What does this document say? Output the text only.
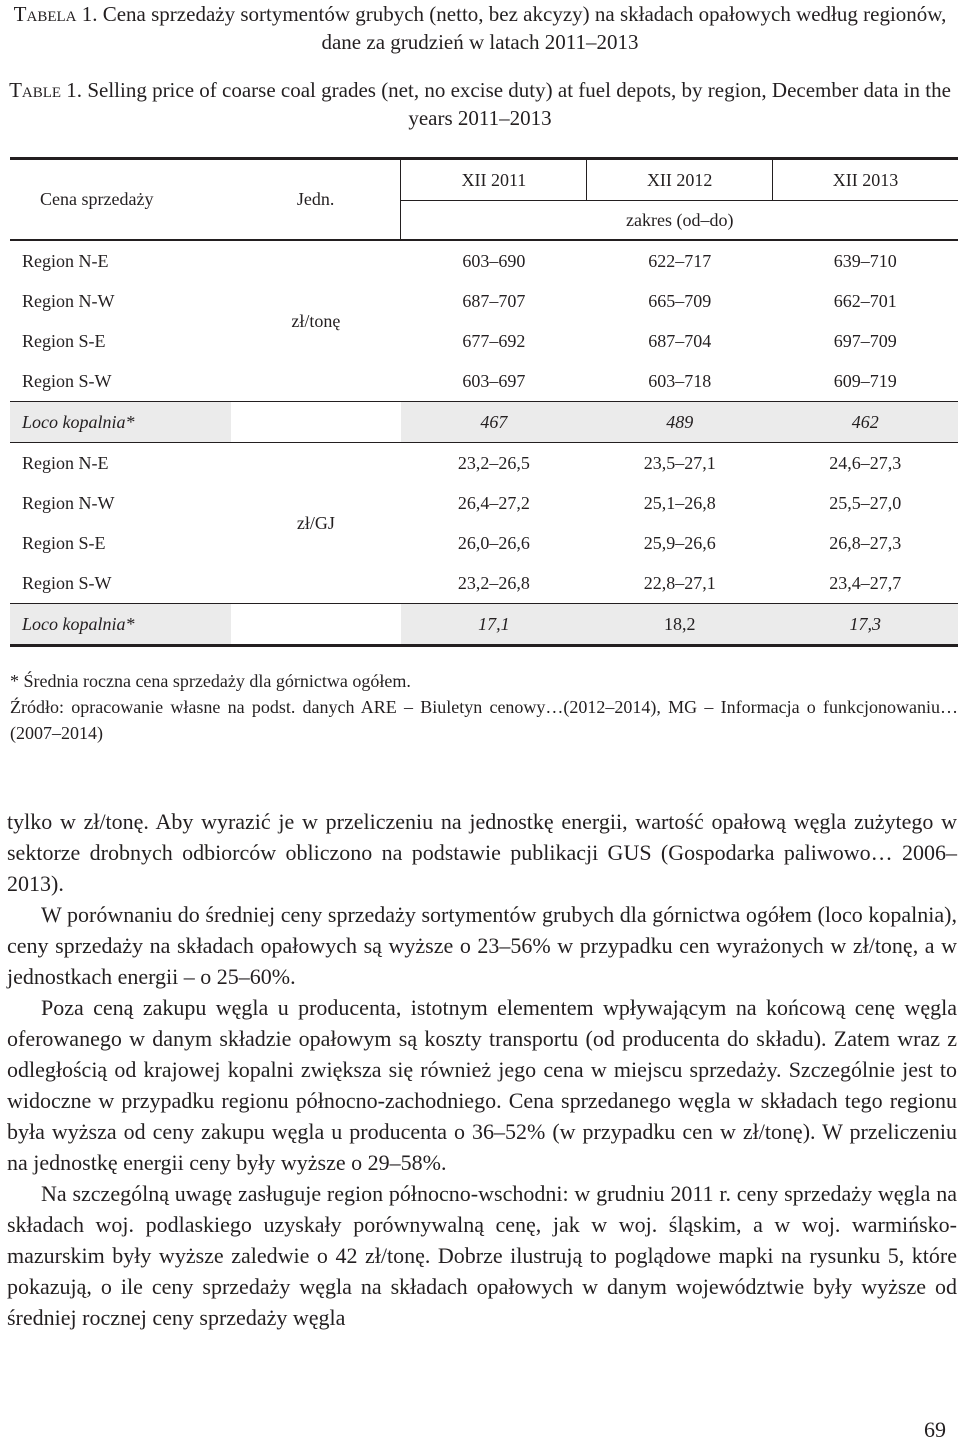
Tabela 1. Cena sprzedaży sortymentów grubych (netto, bez akcyzy) na składach opałowych według regionów, dane za grudzień w latach 2011–2013
Table 1. Selling price of coarse coal grades (net, no excise duty) at fuel depots, by region, December data in the years 2011–2013
Cena sprzedaży	Jedn.	XII 2011	XII 2012	XII 2013
		zakres (od–do)		
Region N-E	zł/tonę	603–690	622–717	639–710
Region N-W		687–707	665–709	662–701
Region S-E		677–692	687–704	697–709
Region S-W		603–697	603–718	609–719
Loco kopalnia*		467	489	462
Region N-E	zł/GJ	23,2–26,5	23,5–27,1	24,6–27,3
Region N-W		26,4–27,2	25,1–26,8	25,5–27,0
Region S-E		26,0–26,6	25,9–26,6	26,8–27,3
Region S-W		23,2–26,8	22,8–27,1	23,4–27,7
Loco kopalnia*		17,1	18,2	17,3
* Średnia roczna cena sprzedaży dla górnictwa ogółem.
Źródło: opracowanie własne na podst. danych ARE – Biuletyn cenowy…(2012–2014), MG – Informacja o funkcjonowaniu… (2007–2014)

tylko w zł/tonę. Aby wyrazić je w przeliczeniu na jednostkę energii, wartość opałową węgla zużytego w sektorze drobnych odbiorców obliczono na podstawie publikacji GUS (Gospodarka paliwowo… 2006–2013).

W porównaniu do średniej ceny sprzedaży sortymentów grubych dla górnictwa ogółem (loco kopalnia), ceny sprzedaży na składach opałowych są wyższe o 23–56% w przypadku cen wyrażonych w zł/tonę, a w jednostkach energii – o 25–60%.

Poza ceną zakupu węgla u producenta, istotnym elementem wpływającym na końcową cenę węgla oferowanego w danym składzie opałowym są koszty transportu (od producenta do składu). Zatem wraz z odległością od krajowej kopalni zwiększa się również jego cena w miejscu sprzedaży. Szczególnie jest to widoczne w przypadku regionu północno-zachodniego. Cena sprzedanego węgla w składach tego regionu była wyższa od ceny zakupu węgla u producenta o 36–52% (w przypadku cen w zł/tonę). W przeliczeniu na jednostkę energii ceny były wyższe o 29–58%.

Na szczególną uwagę zasługuje region północno-wschodni: w grudniu 2011 r. ceny sprzedaży węgla na składach woj. podlaskiego uzyskały porównywalną cenę, jak w woj. śląskim, a w woj. warmińsko-mazurskim były wyższe zaledwie o 42 zł/tonę. Dobrze ilustrują to poglądowe mapki na rysunku 5, które pokazują, o ile ceny sprzedaży węgla na składach opałowych w danym województwie były wyższe od średniej rocznej ceny sprzedaży węgla

69
